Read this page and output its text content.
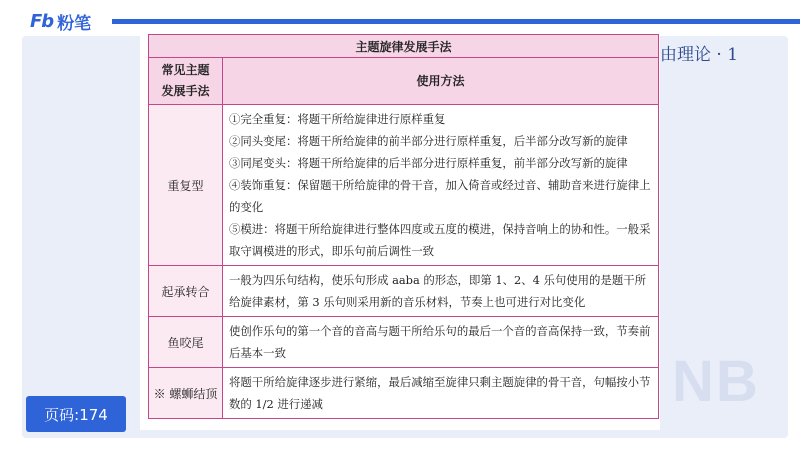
NB
Fb 粉笔
由理论 · 1
主题旋律发展手法	

常见主题
发展手法	使用方法
重复型	①完全重复：将题干所给旋律进行原样重复
②同头变尾：将题干所给旋律的前半部分进行原样重复，后半部分改写新的旋律
③同尾变头：将题干所给旋律的后半部分进行原样重复，前半部分改写新的旋律
④装饰重复：保留题干所给旋律的骨干音，加入倚音或经过音、辅助音来进行旋律上的变化
⑤模进：将题干所给旋律进行整体四度或五度的模进，保持音响上的协和性。一般采取守调模进的形式，即乐句前后调性一致

起承转合	一般为四乐句结构，使乐句形成 aaba 的形态，即第 1、2、4 乐句使用的是题干所给旋律素材，第 3 乐句则采用新的音乐材料，节奏上也可进行对比变化

鱼咬尾	使创作乐句的第一个音的音高与题干所给乐句的最后一个音的音高保持一致，节奏前后基本一致

※ 螺蛳结顶	将题干所给旋律逐步进行紧缩，最后减缩至旋律只剩主题旋律的骨干音，句幅按小节数的 1/2 进行递减
页码:174
